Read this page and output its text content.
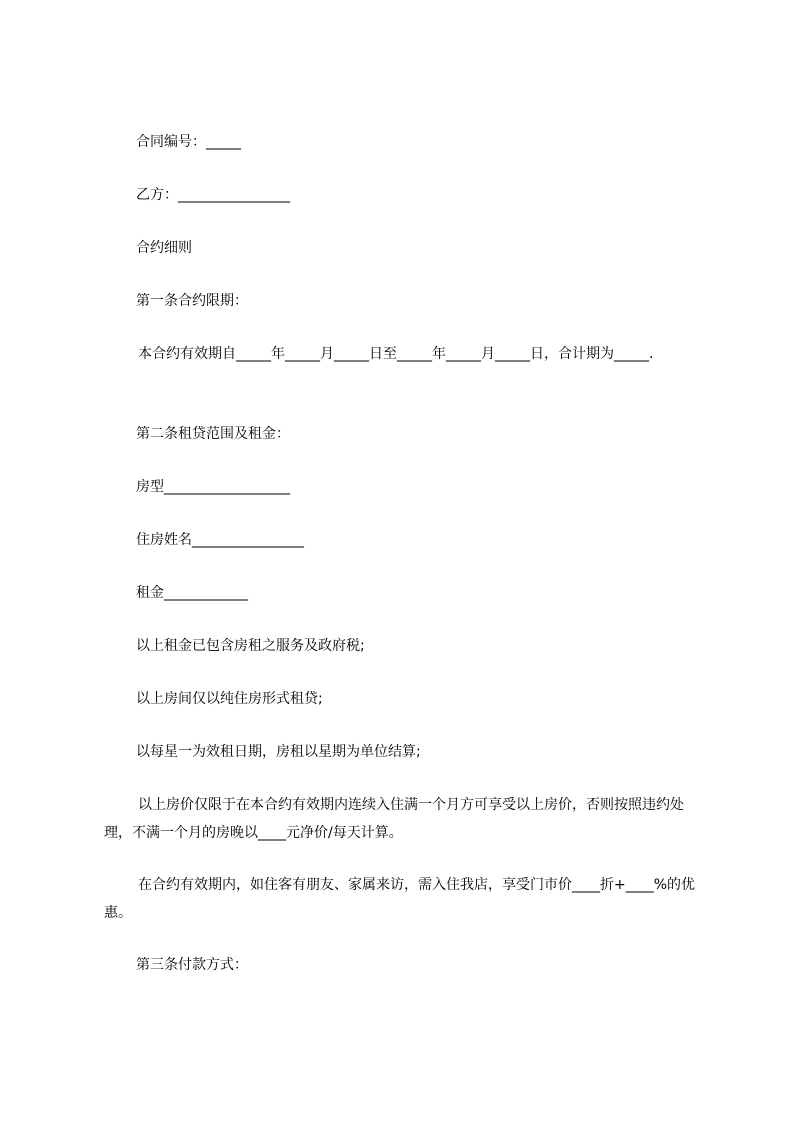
合同编号：_____

乙方：________________

合约细则

第一条合约限期：

本合约有效期自_____年_____月_____日至_____年_____月_____日，合计期为_____.

第二条租贷范围及租金：

房型__________________

住房姓名________________

租金____________

以上租金已包含房租之服务及政府税;

以上房间仅以纯住房形式租贷;

以每星一为效租日期，房租以星期为单位结算;

以上房价仅限于在本合约有效期内连续入住满一个月方可享受以上房价，否则按照违约处理，不满一个月的房晚以____元净价/每天计算。

在合约有效期内，如住客有朋友、家属来访，需入住我店，享受门市价____折+____%的优惠。

第三条付款方式：
